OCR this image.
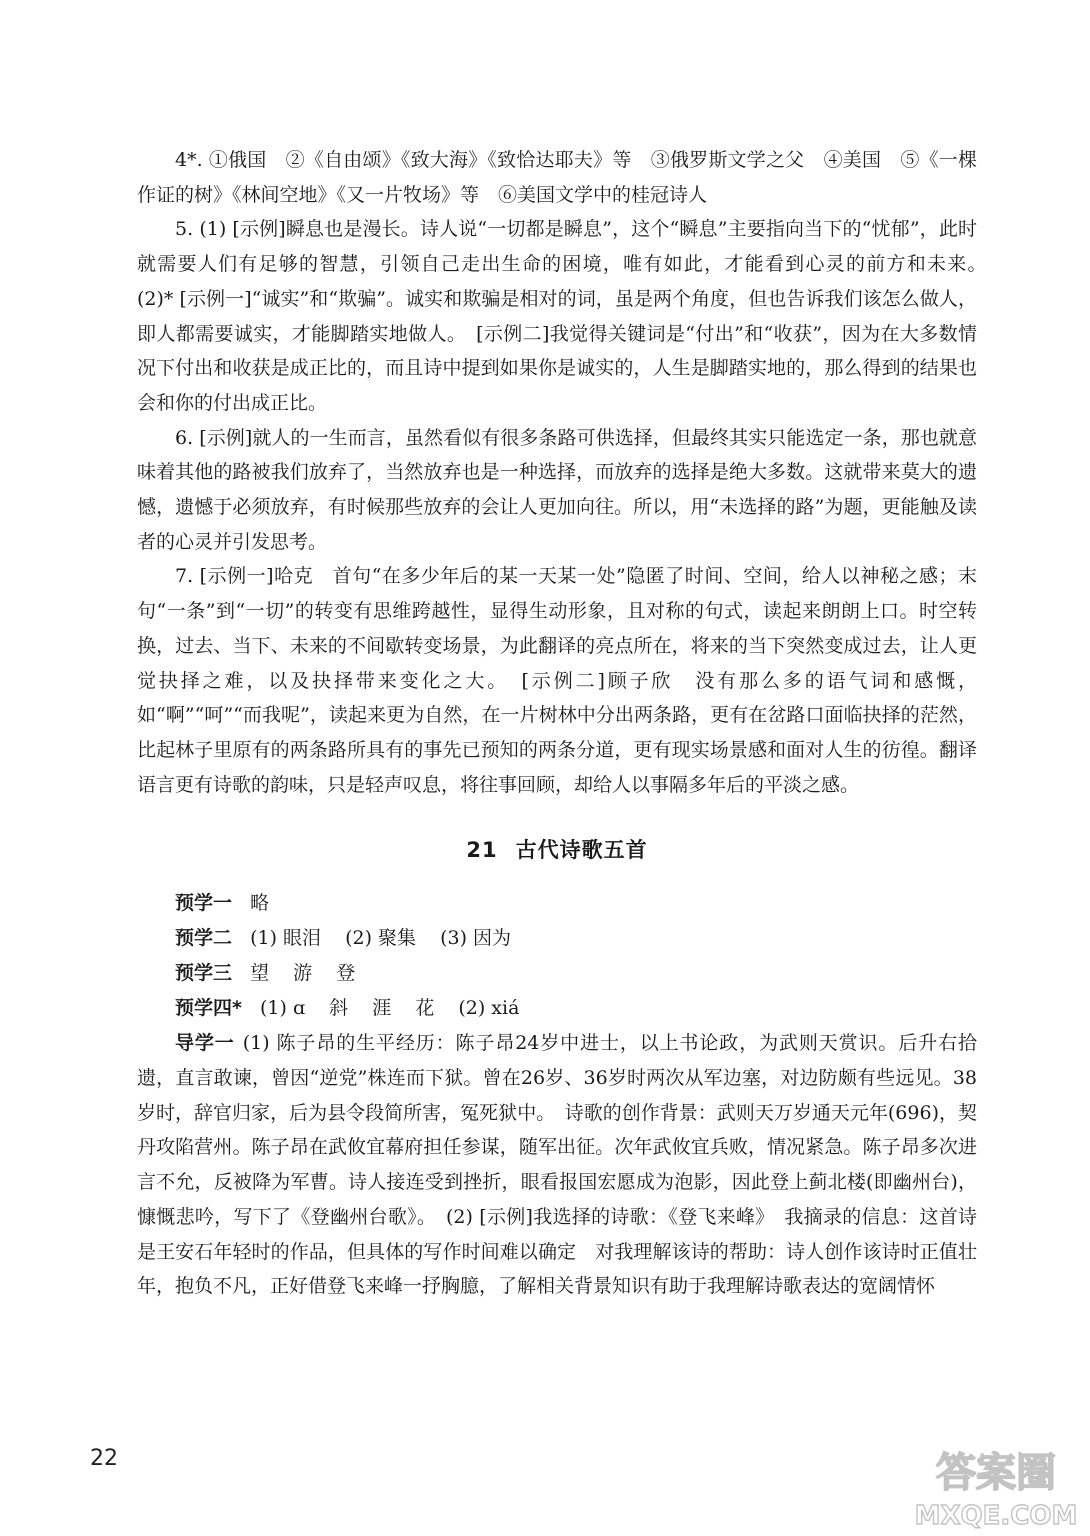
4*. ①俄国　②《自由颂》《致大海》《致恰达耶夫》等　③俄罗斯文学之父　④美国　⑤《一棵作证的树》《林间空地》《又一片牧场》等　⑥美国文学中的桂冠诗人

5. (1) [示例]瞬息也是漫长。诗人说“一切都是瞬息”，这个“瞬息”主要指向当下的“忧郁”，此时就需要人们有足够的智慧，引领自己走出生命的困境，唯有如此，才能看到心灵的前方和未来。　(2)* [示例一]“诚实”和“欺骗”。诚实和欺骗是相对的词，虽是两个角度，但也告诉我们该怎么做人，即人都需要诚实，才能脚踏实地做人。　[示例二]我觉得关键词是“付出”和“收获”，因为在大多数情况下付出和收获是成正比的，而且诗中提到如果你是诚实的，人生是脚踏实地的，那么得到的结果也会和你的付出成正比。

6. [示例]就人的一生而言，虽然看似有很多条路可供选择，但最终其实只能选定一条，那也就意味着其他的路被我们放弃了，当然放弃也是一种选择，而放弃的选择是绝大多数。这就带来莫大的遗憾，遗憾于必须放弃，有时候那些放弃的会让人更加向往。所以，用“未选择的路”为题，更能触及读者的心灵并引发思考。

7. [示例一]哈克　首句“在多少年后的某一天某一处”隐匿了时间、空间，给人以神秘之感；末句“一条”到“一切”的转变有思维跨越性，显得生动形象，且对称的句式，读起来朗朗上口。时空转换，过去、当下、未来的不间歇转变场景，为此翻译的亮点所在，将来的当下突然变成过去，让人更觉抉择之难，以及抉择带来变化之大。　[示例二]顾子欣　没有那么多的语气词和感慨，如“啊”“呵”“而我呢”，读起来更为自然，在一片树林中分出两条路，更有在岔路口面临抉择的茫然，比起林子里原有的两条路所具有的事先已预知的两条分道，更有现实场景感和面对人生的彷徨。翻译语言更有诗歌的韵味，只是轻声叹息，将往事回顾，却给人以事隔多年后的平淡之感。

21 古代诗歌五首
预学一 略
预学二 (1) 眼泪 (2) 聚集 (3) 因为
预学三 望 游 登
预学四* (1) ɑ 斜 涯 花 (2) xiá

导学一 (1) 陈子昂的生平经历：陈子昂24岁中进士，以上书论政，为武则天赏识。后升右拾遗，直言敢谏，曾因“逆党”株连而下狱。曾在26岁、36岁时两次从军边塞，对边防颇有些远见。38岁时，辞官归家，后为县令段简所害，冤死狱中。　诗歌的创作背景：武则天万岁通天元年(696)，契丹攻陷营州。陈子昂在武攸宜幕府担任参谋，随军出征。次年武攸宜兵败，情况紧急。陈子昂多次进言不允，反被降为军曹。诗人接连受到挫折，眼看报国宏愿成为泡影，因此登上蓟北楼(即幽州台)，慷慨悲吟，写下了《登幽州台歌》。　(2) [示例]我选择的诗歌：《登飞来峰》　我摘录的信息：这首诗是王安石年轻时的作品，但具体的写作时间难以确定　对我理解该诗的帮助：诗人创作该诗时正值壮年，抱负不凡，正好借登飞来峰一抒胸臆，了解相关背景知识有助于我理解诗歌表达的宽阔情怀

22	答案圈
MXQE.COM
